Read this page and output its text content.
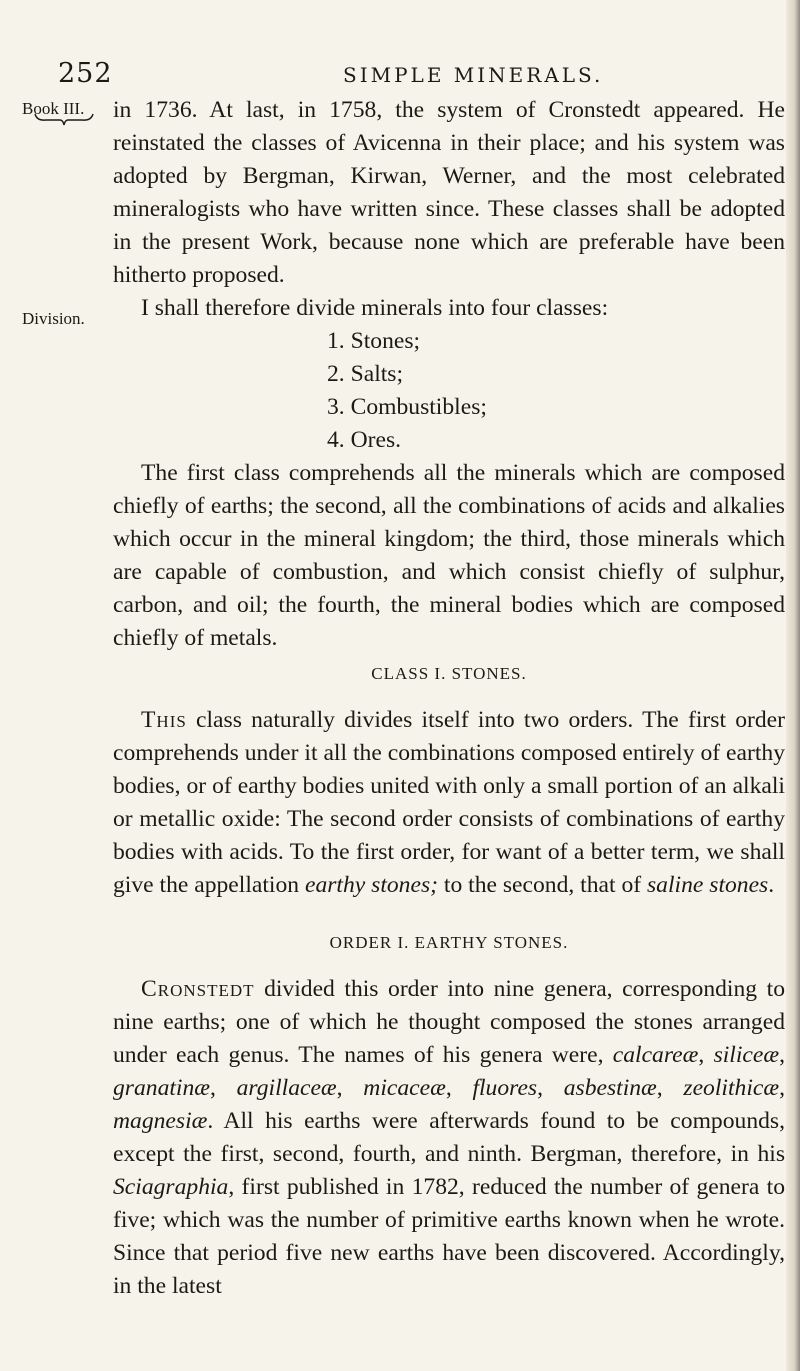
252	SIMPLE MINERALS.
Book III.
Division.

in 1736. At last, in 1758, the system of Cronstedt appeared. He reinstated the classes of Avicenna in their place; and his system was adopted by Bergman, Kirwan, Werner, and the most celebrated mineralogists who have written since. These classes shall be adopted in the present Work, because none which are preferable have been hitherto proposed.

I shall therefore divide minerals into four classes:

1. Stones;
2. Salts;
3. Combustibles;
4. Ores.

The first class comprehends all the minerals which are composed chiefly of earths; the second, all the combinations of acids and alkalies which occur in the mineral kingdom; the third, those minerals which are capable of combustion, and which consist chiefly of sulphur, carbon, and oil; the fourth, the mineral bodies which are composed chiefly of metals.

CLASS I. STONES.

This class naturally divides itself into two orders. The first order comprehends under it all the combinations composed entirely of earthy bodies, or of earthy bodies united with only a small portion of an alkali or metallic oxide: The second order consists of combinations of earthy bodies with acids. To the first order, for want of a better term, we shall give the appellation earthy stones; to the second, that of saline stones.

ORDER I. EARTHY STONES.

Cronstedt divided this order into nine genera, corresponding to nine earths; one of which he thought composed the stones arranged under each genus. The names of his genera were, calcareæ, siliceæ, granatinæ, argillaceæ, micaceæ, fluores, asbestinæ, zeolithicæ, magnesiæ. All his earths were afterwards found to be compounds, except the first, second, fourth, and ninth. Bergman, therefore, in his Sciagraphia, first published in 1782, reduced the number of genera to five; which was the number of primitive earths known when he wrote. Since that period five new earths have been discovered. Accordingly, in the latest
